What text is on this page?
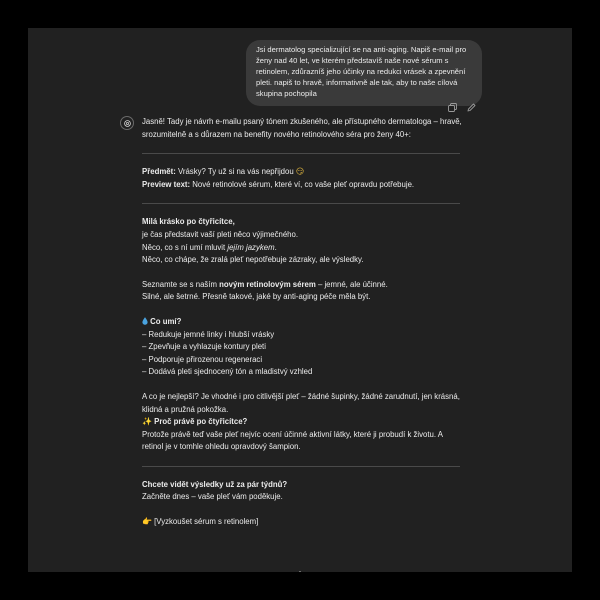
Jsi dermatolog specializující se na anti-aging. Napiš e-mail pro ženy nad 40 let, ve kterém představíš naše nové sérum s retinolem, zdůrazníš jeho účinky na redukci vrásek a zpevnění pleti. napiš to hravě, informativně ale tak, aby to naše cílová skupina pochopila

Jasně! Tady je návrh e-mailu psaný tónem zkušeného, ale přístupného dermatologa – hravě, srozumitelně a s důrazem na benefity nového retinolového séra pro ženy 40+:

Předmět: Vrásky? Ty už si na vás nepřijdou 😏

Preview text: Nové retinolové sérum, které ví, co vaše pleť opravdu potřebuje.

Milá krásko po čtyřicítce,

je čas představit vaší pleti něco výjimečného.

Něco, co s ní umí mluvit jejím jazykem.

Něco, co chápe, že zralá pleť nepotřebuje zázraky, ale výsledky.

Seznamte se s naším novým retinolovým sérem – jemné, ale účinné.

Silné, ale šetrné. Přesně takové, jaké by anti-aging péče měla být.

Co umí?

– Redukuje jemné linky i hlubší vrásky

– Zpevňuje a vyhlazuje kontury pleti

– Podporuje přirozenou regeneraci

– Dodává pleti sjednocený tón a mladistvý vzhled

A co je nejlepší? Je vhodné i pro citlivější pleť – žádné šupinky, žádné zarudnutí, jen krásná, klidná a pružná pokožka.

✨ Proč právě po čtyřicítce?

Protože právě teď vaše pleť nejvíc ocení účinné aktivní látky, které ji probudí k životu. A retinol je v tomhle ohledu opravdový šampion.

Chcete vidět výsledky už za pár týdnů?

Začněte dnes – vaše pleť vám poděkuje.

👉 [Vyzkoušet sérum s retinolem]
